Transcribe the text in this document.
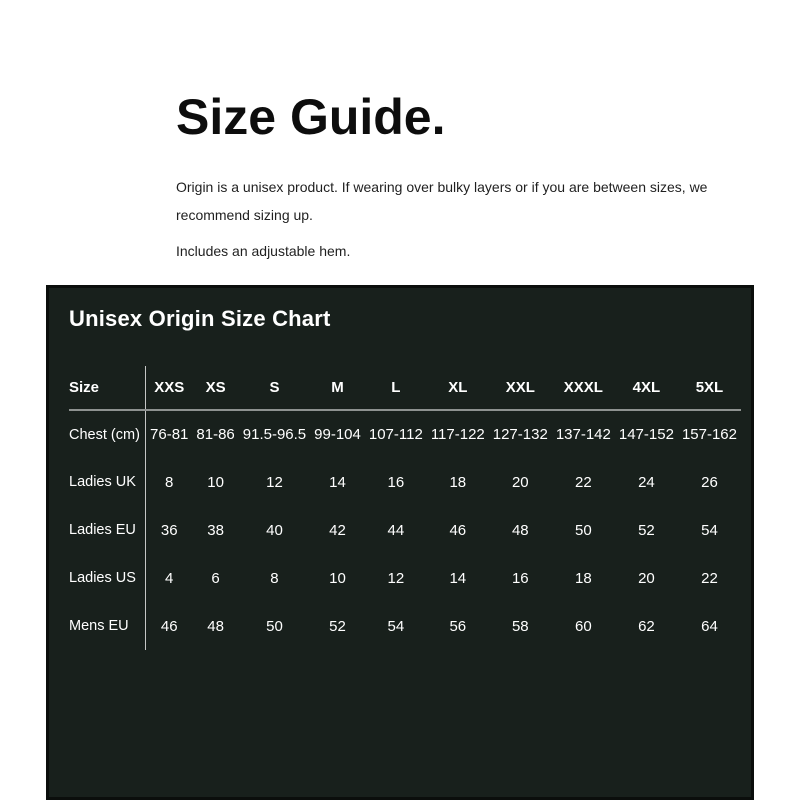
Size Guide.

Origin is a unisex product. If wearing over bulky layers or if you are between sizes, we recommend sizing up.

Includes an adjustable hem.

Unisex Origin Size Chart
Size	XXS	XS	S	M	L	XL	XXL	XXXL	4XL	5XL
Chest (cm)	76-81	81-86	91.5-96.5	99-104	107-112	117-122	127-132	137-142	147-152	157-162
Ladies UK	8	10	12	14	16	18	20	22	24	26
Ladies EU	36	38	40	42	44	46	48	50	52	54
Ladies US	4	6	8	10	12	14	16	18	20	22
Mens EU	46	48	50	52	54	56	58	60	62	64
